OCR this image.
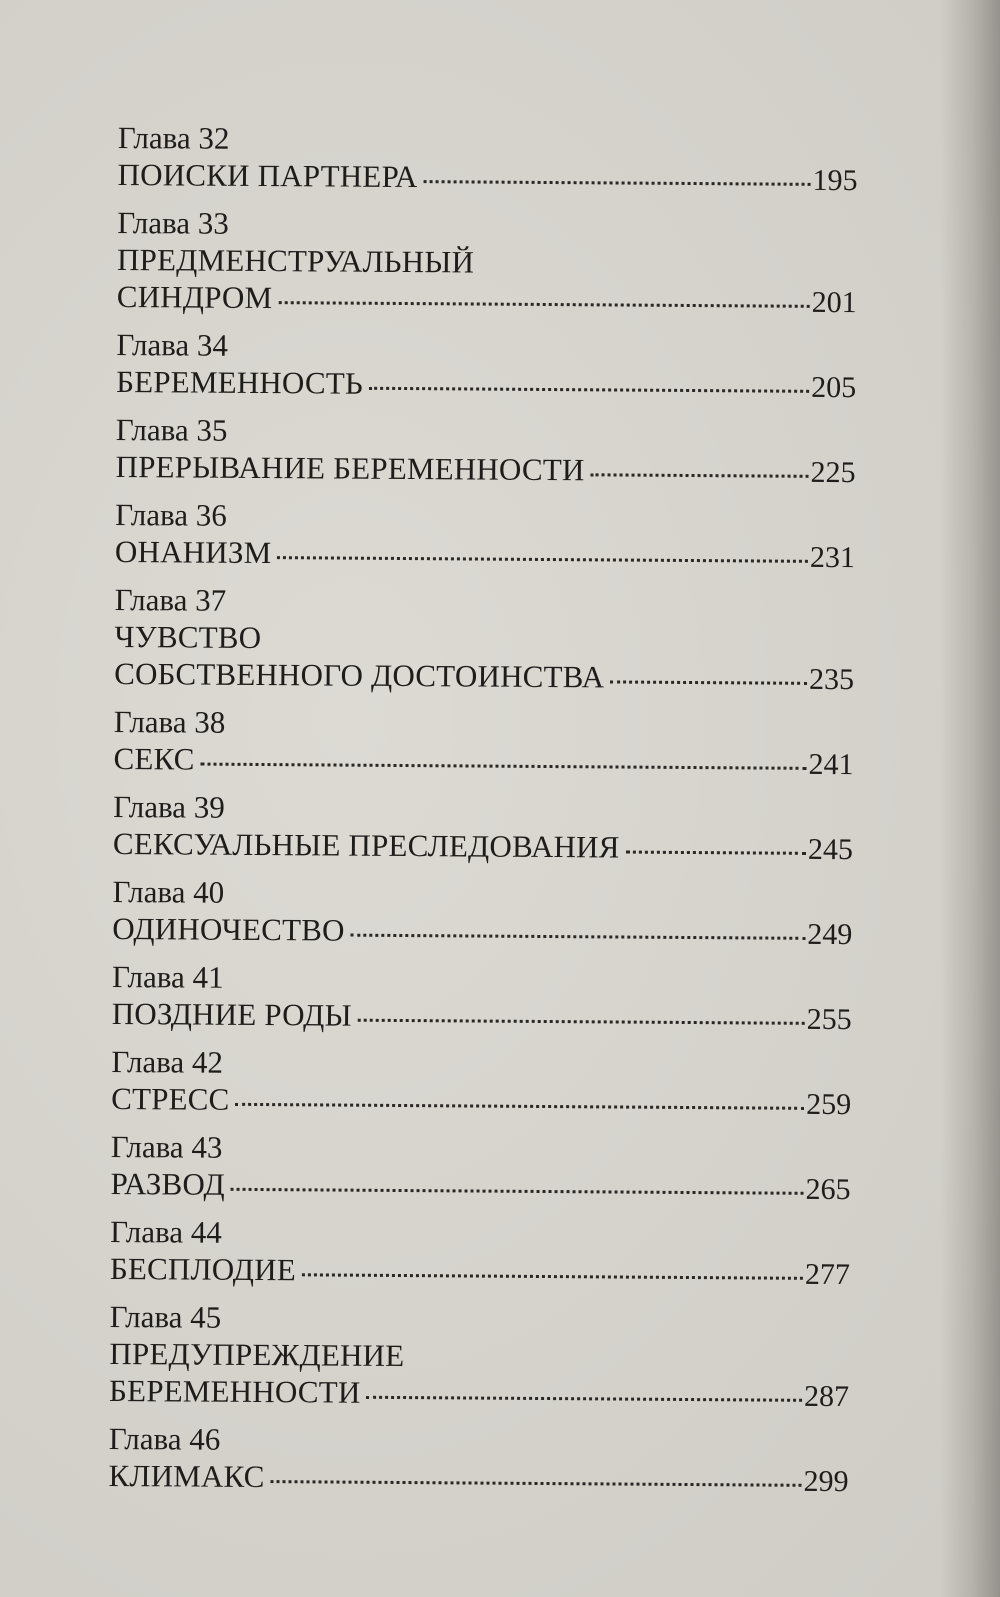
Глава 32
ПОИСКИ ПАРТНЕРА	195
Глава 33
ПРЕДМЕНСТРУАЛЬНЫЙ
СИНДРОМ	201
Глава 34
БЕРЕМЕННОСТЬ	205
Глава 35
ПРЕРЫВАНИЕ БЕРЕМЕННОСТИ	225
Глава 36
ОНАНИЗМ	231
Глава 37
ЧУВСТВО
СОБСТВЕННОГО ДОСТОИНСТВА	235
Глава 38
СЕКС	241
Глава 39
СЕКСУАЛЬНЫЕ ПРЕСЛЕДОВАНИЯ	245
Глава 40
ОДИНОЧЕСТВО	249
Глава 41
ПОЗДНИЕ РОДЫ	255
Глава 42
СТРЕСС	259
Глава 43
РАЗВОД	265
Глава 44
БЕСПЛОДИЕ	277
Глава 45
ПРЕДУПРЕЖДЕНИЕ
БЕРЕМЕННОСТИ	287
Глава 46
КЛИМАКС	299
